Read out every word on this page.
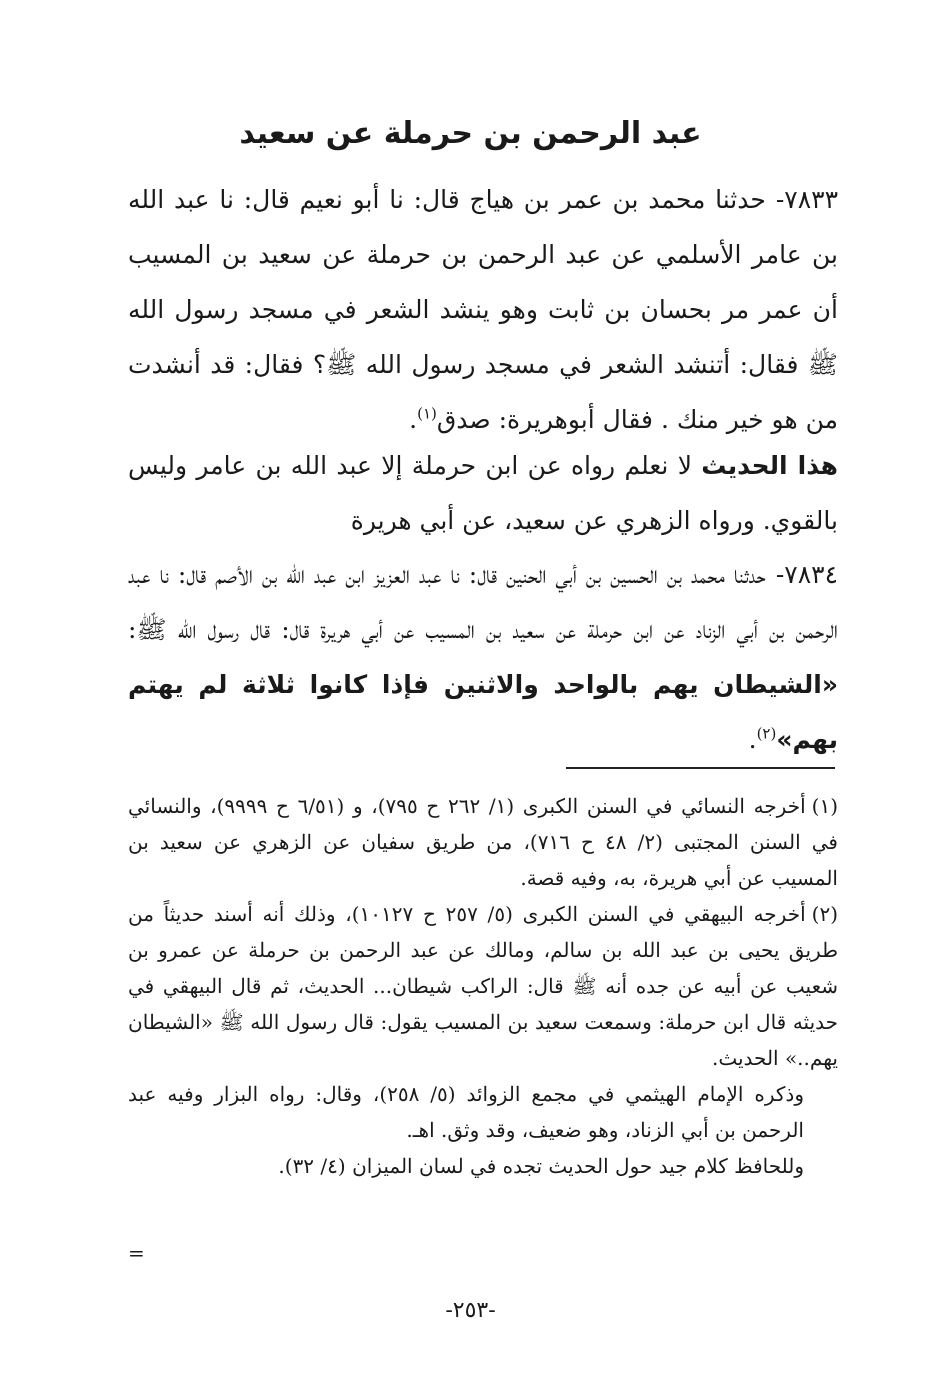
عبد الرحمن بن حرملة عن سعيد

٧٨٣٣-حدثنا محمد بن عمر بن هياج قال: نا أبو نعيم قال: نا عبد الله بن عامر الأسلمي عن عبد الرحمن بن حرملة عن سعيد بن المسيب أن عمر مر بحسان بن ثابت وهو ينشد الشعر في مسجد رسول الله ﷺ فقال: أتنشد الشعر في مسجد رسول الله ﷺ؟ فقال: قد أنشدت من هو خير منك . فقال أبوهريرة: صدق$^{(١)}$.

هذا الحديث لا نعلم رواه عن ابن حرملة إلا عبد الله بن عامر وليس بالقوي. ورواه الزهري عن سعيد، عن أبي هريرة

٧٨٣٤-حدثنا محمد بن الحسين بن أبي الحنين قال: نا عبد العزيز ابن عبد الله بن الأصم قال: نا عبد الرحمن بن أبي الزناد عن ابن حرملة عن سعيد بن المسيب عن أبي هريرة قال: قال رسول الله ﷺ: «الشيطان يهم بالواحد والاثنين فإذا كانوا ثلاثة لم يهتم بهم»$^{(٢)}$.

(١)أخرجه النسائي في السنن الكبرى (١/ ٢٦٢ ح ٧٩٥)، و (٦/٥١ ح ٩٩٩٩)، والنسائي في السنن المجتبى (٢/ ٤٨ ح ٧١٦)، من طريق سفيان عن الزهري عن سعيد بن المسيب عن أبي هريرة، به، وفيه قصة.

(٢)أخرجه البيهقي في السنن الكبرى (٥/ ٢٥٧ ح ١٠١٢٧)، وذلك أنه أسند حديثاً من طريق يحيى بن عبد الله بن سالم، ومالك عن عبد الرحمن بن حرملة عن عمرو بن شعيب عن أبيه عن جده أنه ﷺ قال: الراكب شيطان... الحديث، ثم قال البيهقي في حديثه قال ابن حرملة: وسمعت سعيد بن المسيب يقول: قال رسول الله ﷺ «الشيطان يهم..» الحديث.

وذكره الإمام الهيثمي في مجمع الزوائد (٥/ ٢٥٨)، وقال: رواه البزار وفيه عبد الرحمن بن أبي الزناد، وهو ضعيف، وقد وثق. اهـ.

وللحافظ كلام جيد حول الحديث تجده في لسان الميزان (٤/ ٣٢).

=
-٢٥٣-
